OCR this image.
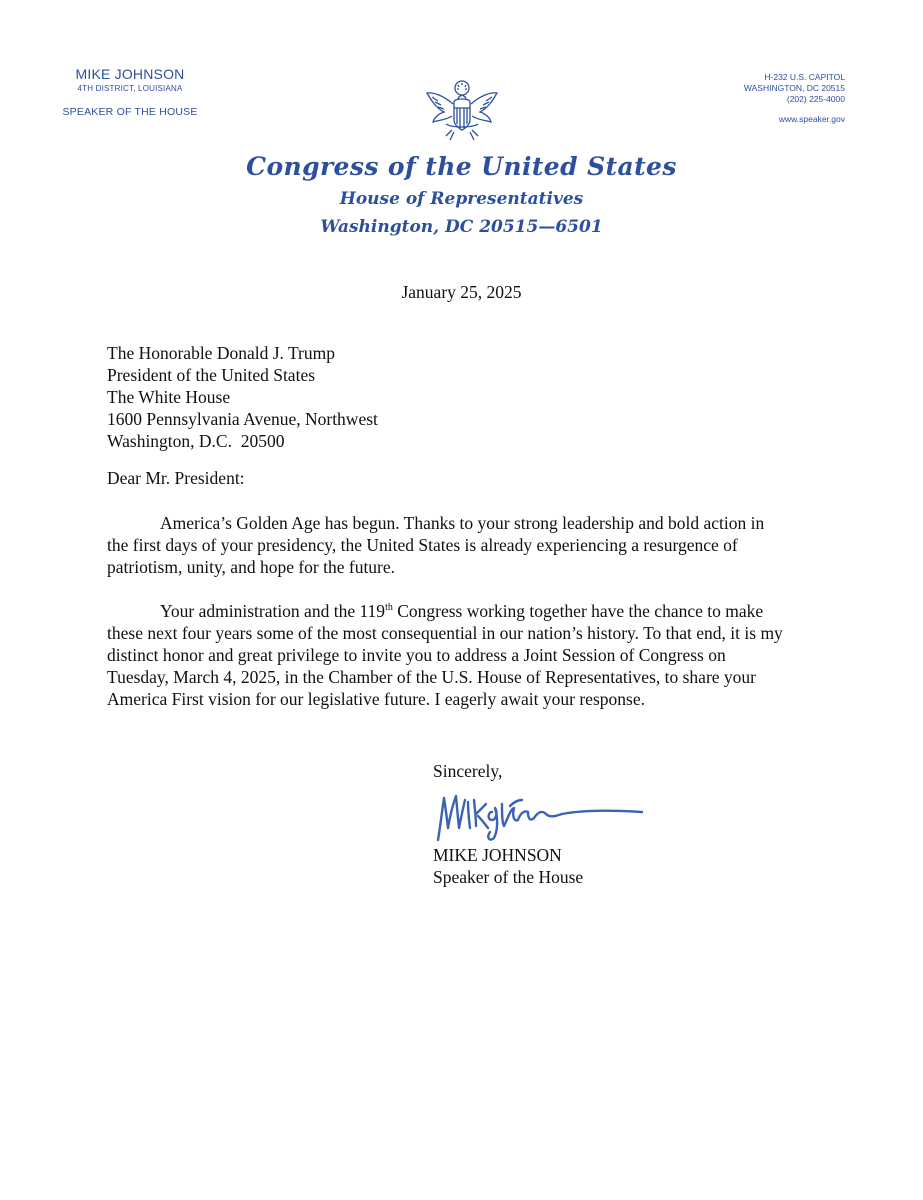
MIKE JOHNSON
4TH DISTRICT, LOUISIANA
SPEAKER OF THE HOUSE
H-232 U.S. CAPITOL
WASHINGTON, DC 20515
(202) 225-4000
www.speaker.gov
Congress of the United States
House of Representatives
Washington, DC 20515—6501
January 25, 2025
The Honorable Donald J. Trump
President of the United States
The White House
1600 Pennsylvania Avenue, Northwest
Washington, D.C.  20500
Dear Mr. President:
America’s Golden Age has begun. Thanks to your strong leadership and bold action in
the first days of your presidency, the United States is already experiencing a resurgence of
patriotism, unity, and hope for the future.
Your administration and the 119th Congress working together have the chance to make
these next four years some of the most consequential in our nation’s history. To that end, it is my
distinct honor and great privilege to invite you to address a Joint Session of Congress on
Tuesday, March 4, 2025, in the Chamber of the U.S. House of Representatives, to share your
America First vision for our legislative future. I eagerly await your response.
Sincerely,
MIKE JOHNSON
Speaker of the House
